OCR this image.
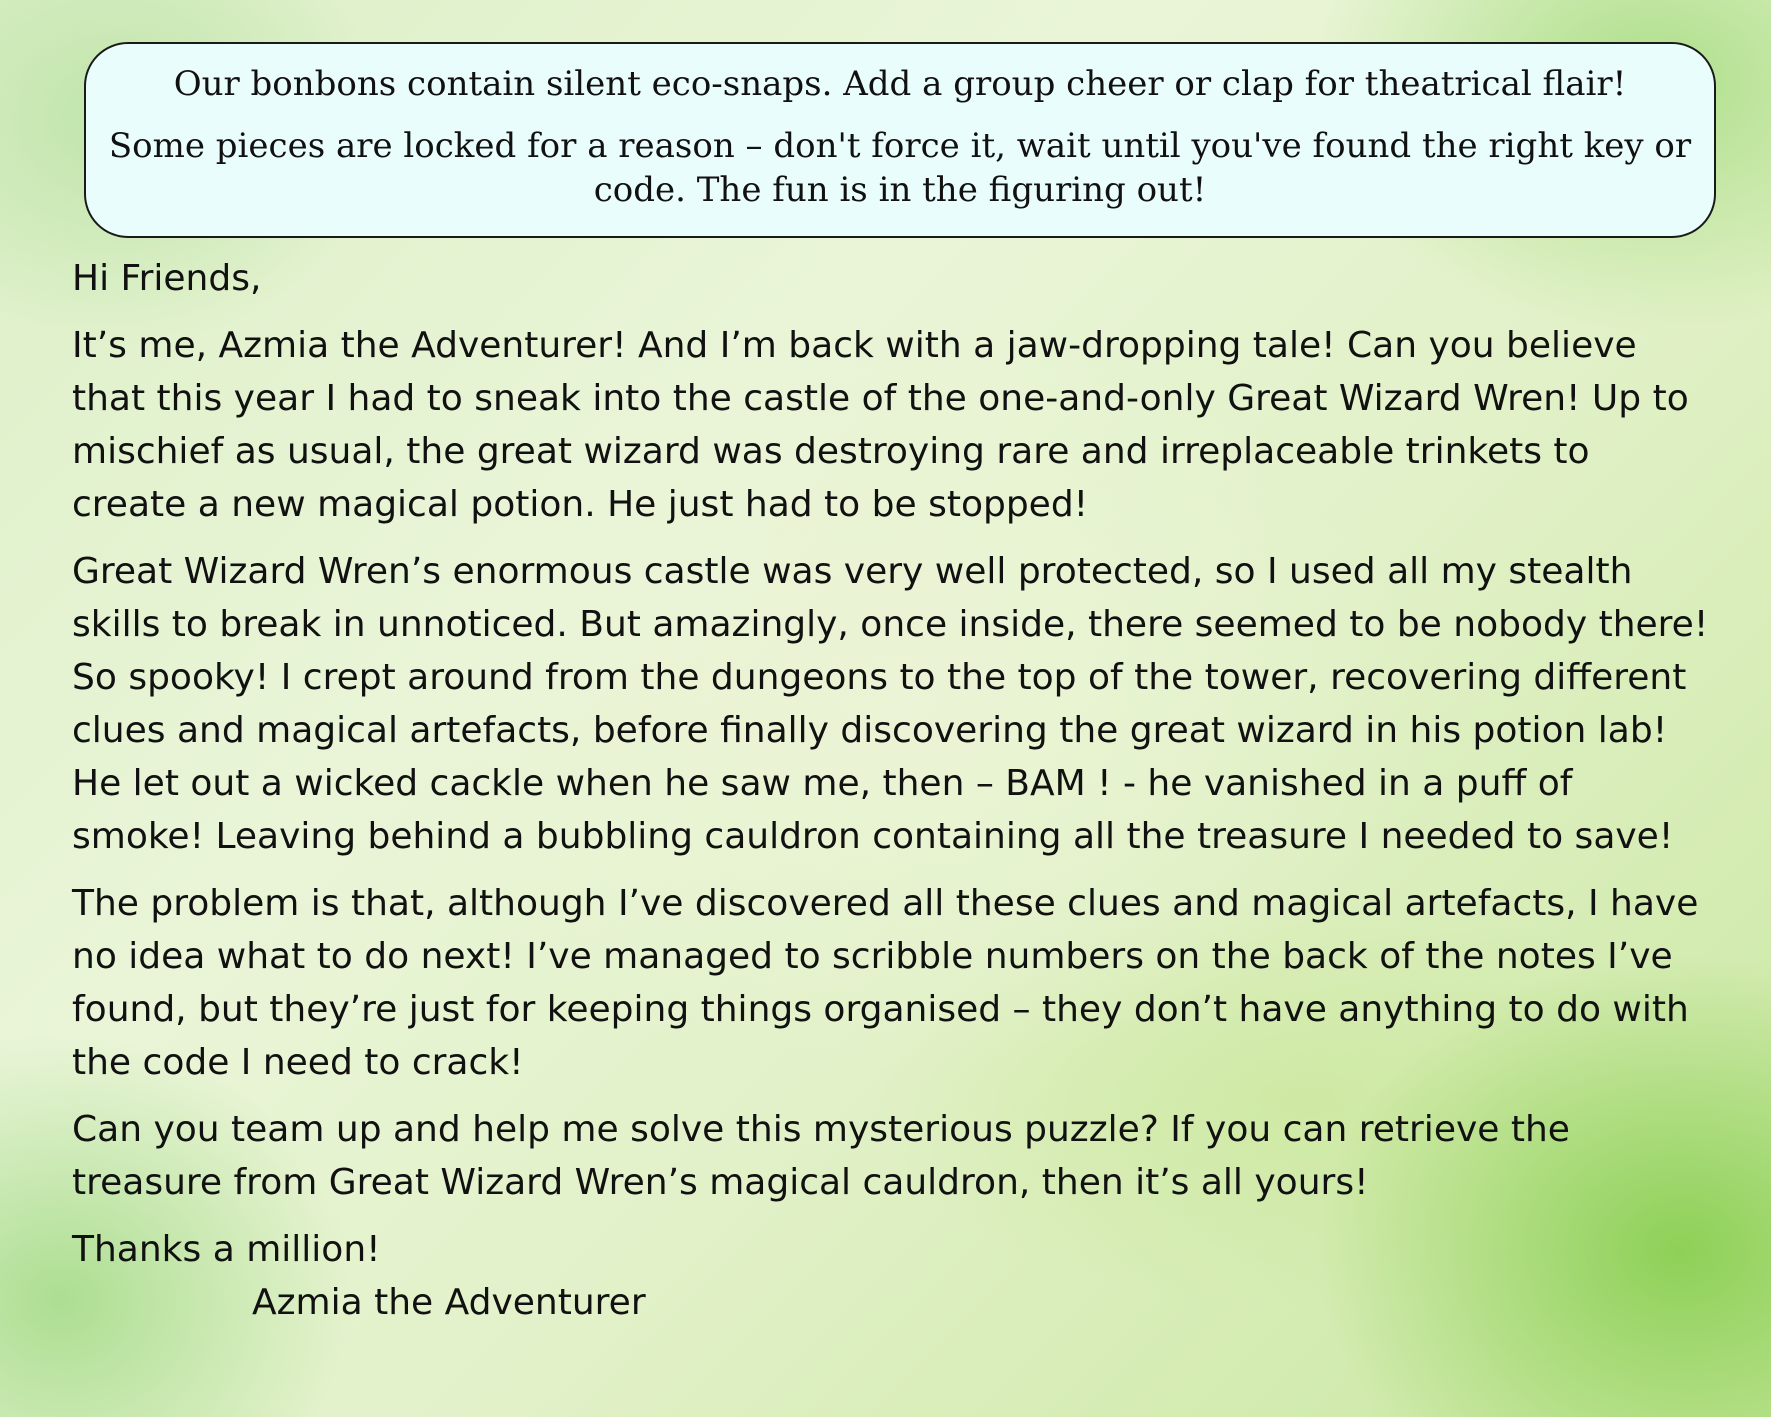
Our bonbons contain silent eco-snaps. Add a group cheer or clap for theatrical flair!
Some pieces are locked for a reason – don't force it, wait until you've found the right key or code. The fun is in the figuring out!

Hi Friends,

It’s me, Azmia the Adventurer! And I’m back with a jaw-dropping tale! Can you believe that this year I had to sneak into the castle of the one-and-only Great Wizard Wren! Up to mischief as usual, the great wizard was destroying rare and irreplaceable trinkets to create a new magical potion. He just had to be stopped!

Great Wizard Wren’s enormous castle was very well protected, so I used all my stealth skills to break in unnoticed. But amazingly, once inside, there seemed to be nobody there! So spooky! I crept around from the dungeons to the top of the tower, recovering different clues and magical artefacts, before finally discovering the great wizard in his potion lab! He let out a wicked cackle when he saw me, then – BAM ! - he vanished in a puff of smoke! Leaving behind a bubbling cauldron containing all the treasure I needed to save!

The problem is that, although I’ve discovered all these clues and magical artefacts, I have no idea what to do next! I’ve managed to scribble numbers on the back of the notes I’ve found, but they’re just for keeping things organised – they don’t have anything to do with the code I need to crack!

Can you team up and help me solve this mysterious puzzle? If you can retrieve the treasure from Great Wizard Wren’s magical cauldron, then it’s all yours!

Thanks a million!

Azmia the Adventurer
